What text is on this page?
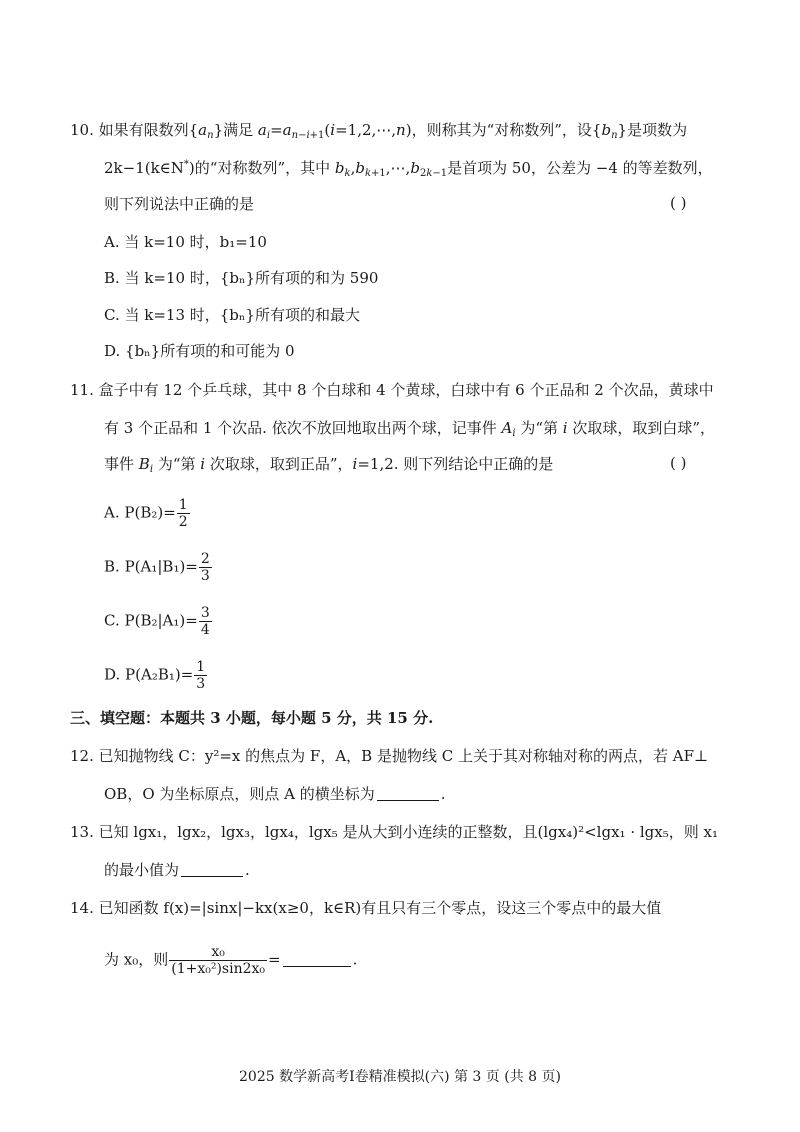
10. 如果有限数列$\{a_n\}$满足 $a_i=a_{n-i+1}(i=1,2,\cdots,n)$，则称其为“对称数列”，设$\{b_n\}$是项数为
2k−1(k∈N*)的“对称数列”，其中 $b_k,b_{k+1},\cdots,b_{2k-1}$是首项为 50，公差为 −4 的等差数列，
则下列说法中正确的是	( )
A. 当 k=10 时，b₁=10
B. 当 k=10 时，{bₙ}所有项的和为 590
C. 当 k=13 时，{bₙ}所有项的和最大
D. {bₙ}所有项的和可能为 0
11. 盒子中有 12 个乒乓球，其中 8 个白球和 4 个黄球，白球中有 6 个正品和 2 个次品，黄球中
有 3 个正品和 1 个次品. 依次不放回地取出两个球，记事件 $A_i$ 为“第 i 次取球，取到白球”，
事件 $B_i$ 为“第 i 次取球，取到正品”，i=1,2. 则下列结论中正确的是	( )
A. $P(B_2)= \frac{1}{2}$
B. $P(A_1|B_1)= \frac{2}{3}$
C. $P(B_2|A_1)= \frac{3}{4}$
D. $P(A_2B_1)= \frac{1}{3}$
三、填空题：本题共 3 小题，每小题 5 分，共 15 分.
12. 已知抛物线 C：y²=x 的焦点为 F，A，B 是抛物线 C 上关于其对称轴对称的两点，若 AF⊥
OB，O 为坐标原点，则点 A 的横坐标为	.
13. 已知 lgx₁，lgx₂，lgx₃，lgx₄，lgx₅ 是从大到小连续的正整数，且(lgx₄)²<lgx₁ · lgx₅，则 x₁
的最小值为	.
14. 已知函数 f(x)=|sinx|−kx(x≥0，k∈R)有且只有三个零点，设这三个零点中的最大值
为 x₀，则 $\frac{\text{x₀}}{\text{(1+x₀²)sin2x₀}}$ =	.
2025 数学新高考Ⅰ卷精准模拟(六) 第 3 页 (共 8 页)
